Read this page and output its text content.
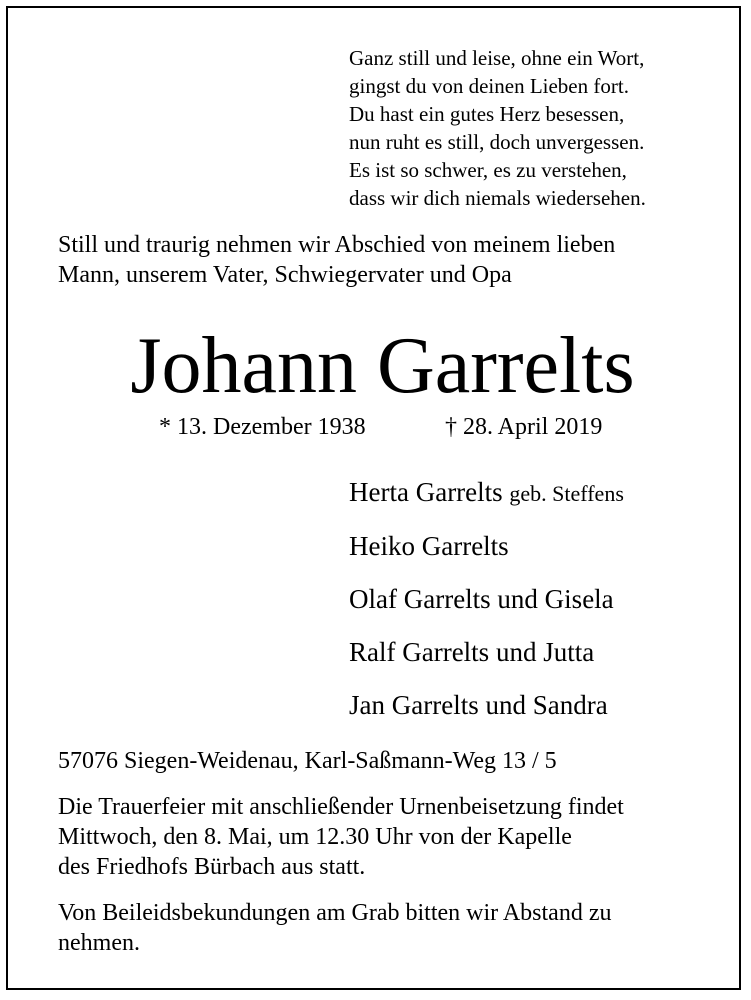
Ganz still und leise, ohne ein Wort,
gingst du von deinen Lieben fort.
Du hast ein gutes Herz besessen,
nun ruht es still, doch unvergessen.
Es ist so schwer, es zu verstehen,
dass wir dich niemals wiedersehen.
Still und traurig nehmen wir Abschied von meinem lieben
Mann, unserem Vater, Schwiegervater und Opa
Johann Garrelts
* 13. Dezember 1938	† 28. April 2019
Herta Garrelts geb. Steffens
Heiko Garrelts
Olaf Garrelts und Gisela
Ralf Garrelts und Jutta
Jan Garrelts und Sandra
57076 Siegen-Weidenau, Karl-Saßmann-Weg 13 / 5
Die Trauerfeier mit anschließender Urnenbeisetzung findet
Mittwoch, den 8. Mai, um 12.30 Uhr von der Kapelle
des Friedhofs Bürbach aus statt.
Von Beileidsbekundungen am Grab bitten wir Abstand zu
nehmen.
